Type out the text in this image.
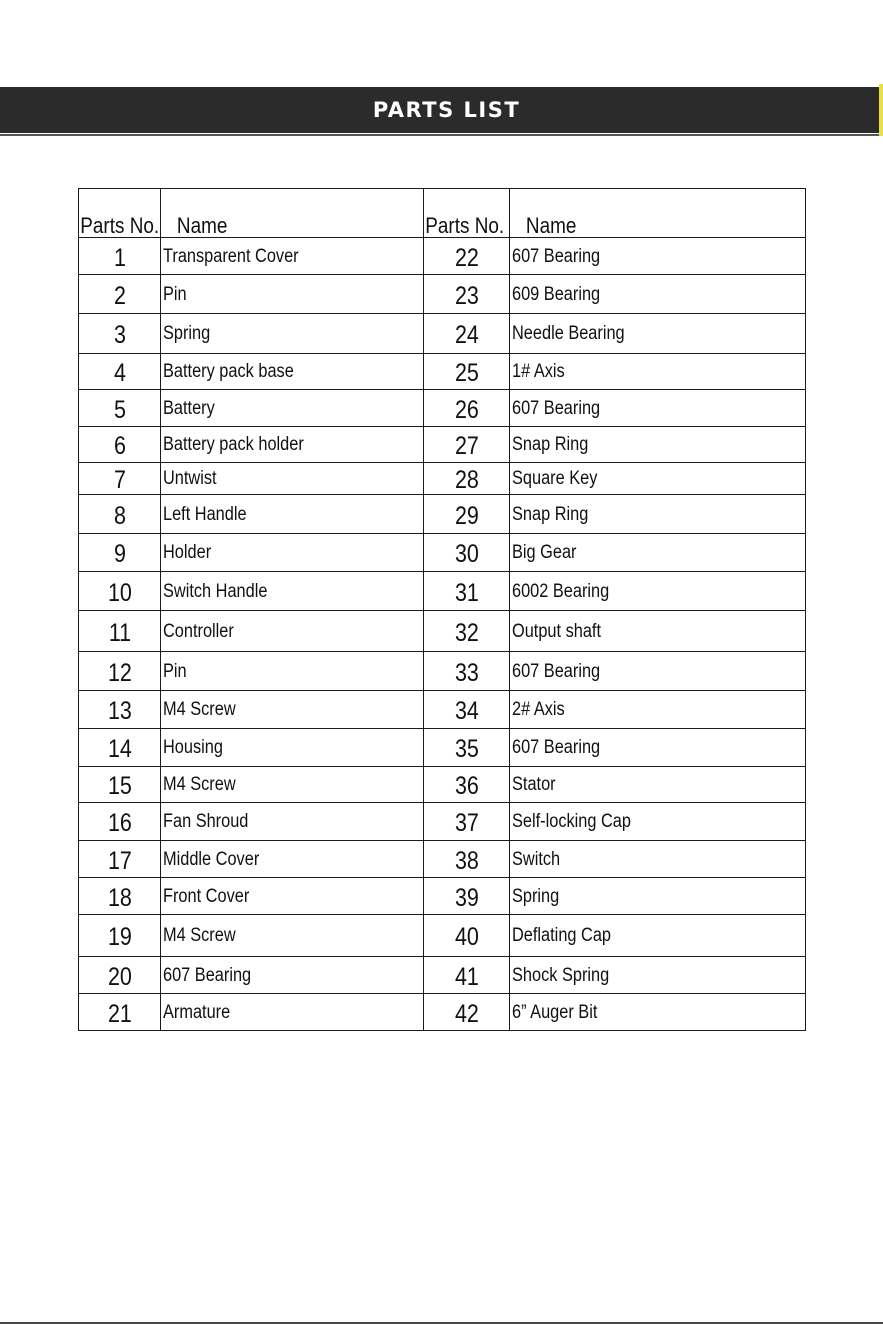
PARTS LIST
Parts No.	Name	Parts No.	Name
1	Transparent Cover	22	607 Bearing
2	Pin	23	609 Bearing
3	Spring	24	Needle Bearing
4	Battery pack base	25	1# Axis
5	Battery	26	607 Bearing
6	Battery pack holder	27	Snap Ring
7	Untwist	28	Square Key
8	Left Handle	29	Snap Ring
9	Holder	30	Big Gear
10	Switch Handle	31	6002 Bearing
11	Controller	32	Output shaft
12	Pin	33	607 Bearing
13	M4 Screw	34	2# Axis
14	Housing	35	607 Bearing
15	M4 Screw	36	Stator
16	Fan Shroud	37	Self-locking Cap
17	Middle Cover	38	Switch
18	Front Cover	39	Spring
19	M4 Screw	40	Deflating Cap
20	607 Bearing	41	Shock Spring
21	Armature	42	6” Auger Bit
